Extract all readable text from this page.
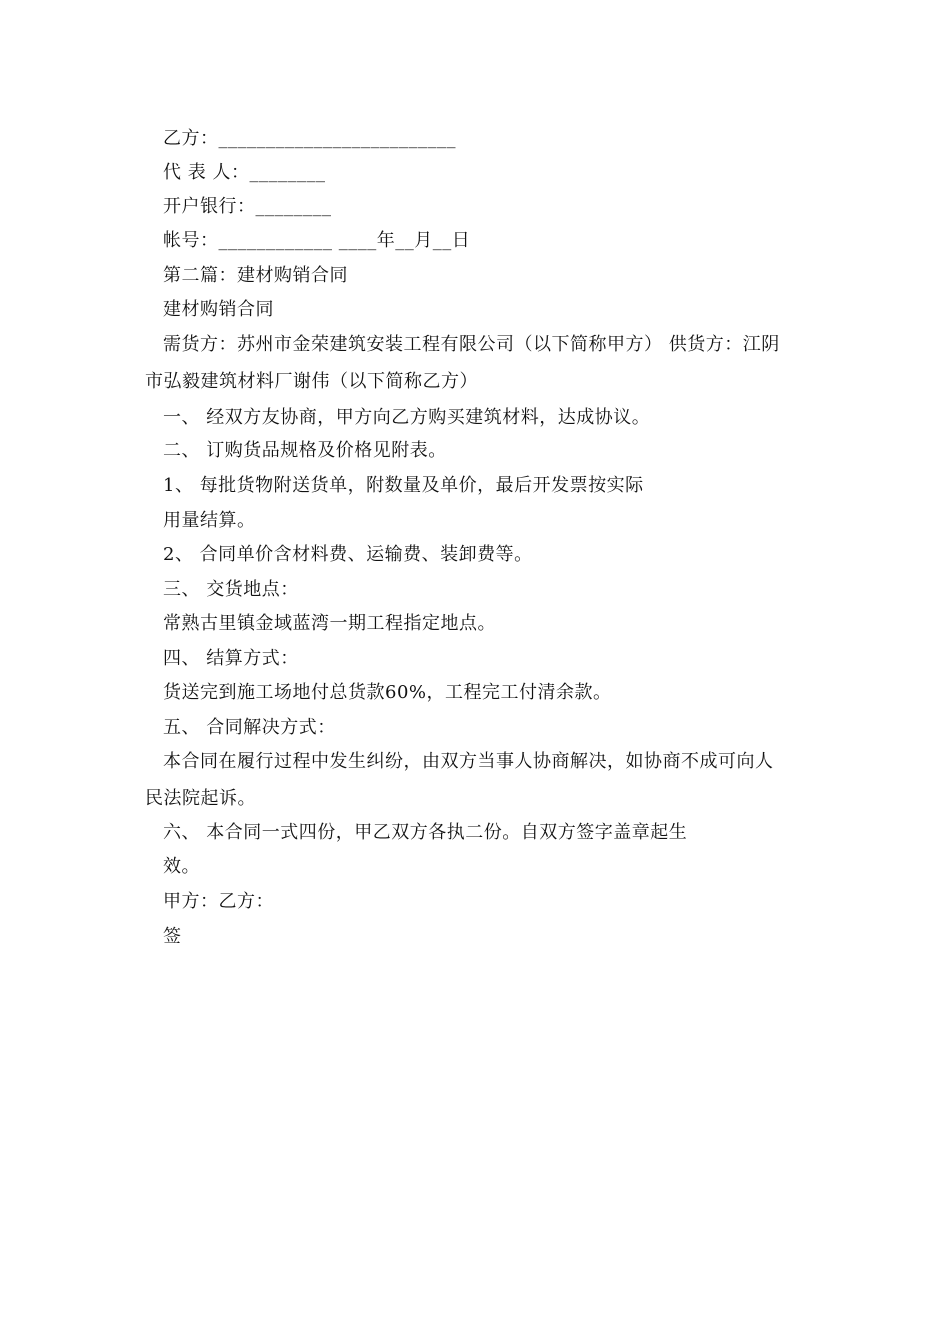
乙方：_________________________
代 表 人：________
开户银行：________
帐号：____________ ____年__月__日
第二篇：建材购销合同
建材购销合同
需货方：苏州市金荣建筑安装工程有限公司（以下简称甲方） 供货方：江阴
市弘毅建筑材料厂谢伟（以下简称乙方）
一、 经双方友协商，甲方向乙方购买建筑材料，达成协议。
二、 订购货品规格及价格见附表。
1、 每批货物附送货单，附数量及单价，最后开发票按实际
用量结算。
2、 合同单价含材料费、运输费、装卸费等。
三、 交货地点：
常熟古里镇金域蓝湾一期工程指定地点。
四、 结算方式：
货送完到施工场地付总货款60%，工程完工付清余款。
五、 合同解决方式：
本合同在履行过程中发生纠纷，由双方当事人协商解决，如协商不成可向人
民法院起诉。
六、 本合同一式四份，甲乙双方各执二份。自双方签字盖章起生
效。
甲方：乙方：
签
